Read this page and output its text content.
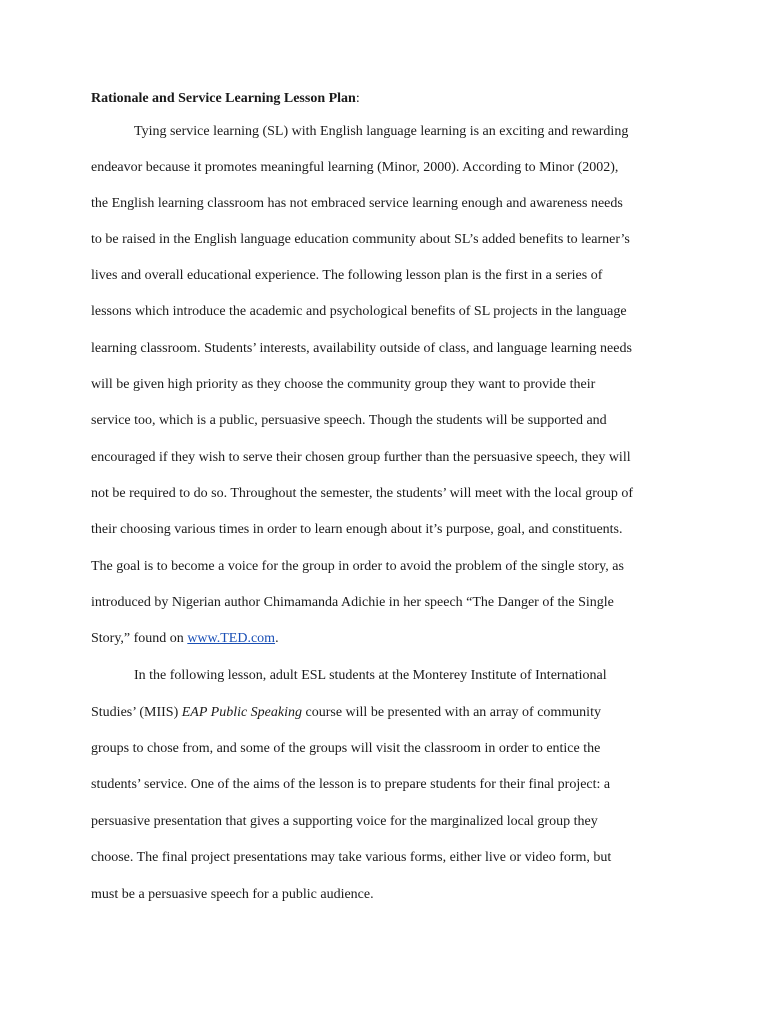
Rationale and Service Learning Lesson Plan:

Tying service learning (SL) with English language learning is an exciting and rewarding

endeavor because it promotes meaningful learning (Minor, 2000). According to Minor (2002),

the English learning classroom has not embraced service learning enough and awareness needs

to be raised in the English language education community about SL’s added benefits to learner’s

lives and overall educational experience. The following lesson plan is the first in a series of

lessons which introduce the academic and psychological benefits of SL projects in the language

learning classroom. Students’ interests, availability outside of class, and language learning needs

will be given high priority as they choose the community group they want to provide their

service too, which is a public, persuasive speech. Though the students will be supported and

encouraged if they wish to serve their chosen group further than the persuasive speech, they will

not be required to do so. Throughout the semester, the students’ will meet with the local group of

their choosing various times in order to learn enough about it’s purpose, goal, and constituents.

The goal is to become a voice for the group in order to avoid the problem of the single story, as

introduced by Nigerian author Chimamanda Adichie in her speech “The Danger of the Single

Story,” found on www.TED.com.

In the following lesson, adult ESL students at the Monterey Institute of International

Studies’ (MIIS) EAP Public Speaking course will be presented with an array of community

groups to chose from, and some of the groups will visit the classroom in order to entice the

students’ service. One of the aims of the lesson is to prepare students for their final project: a

persuasive presentation that gives a supporting voice for the marginalized local group they

choose. The final project presentations may take various forms, either live or video form, but

must be a persuasive speech for a public audience.
